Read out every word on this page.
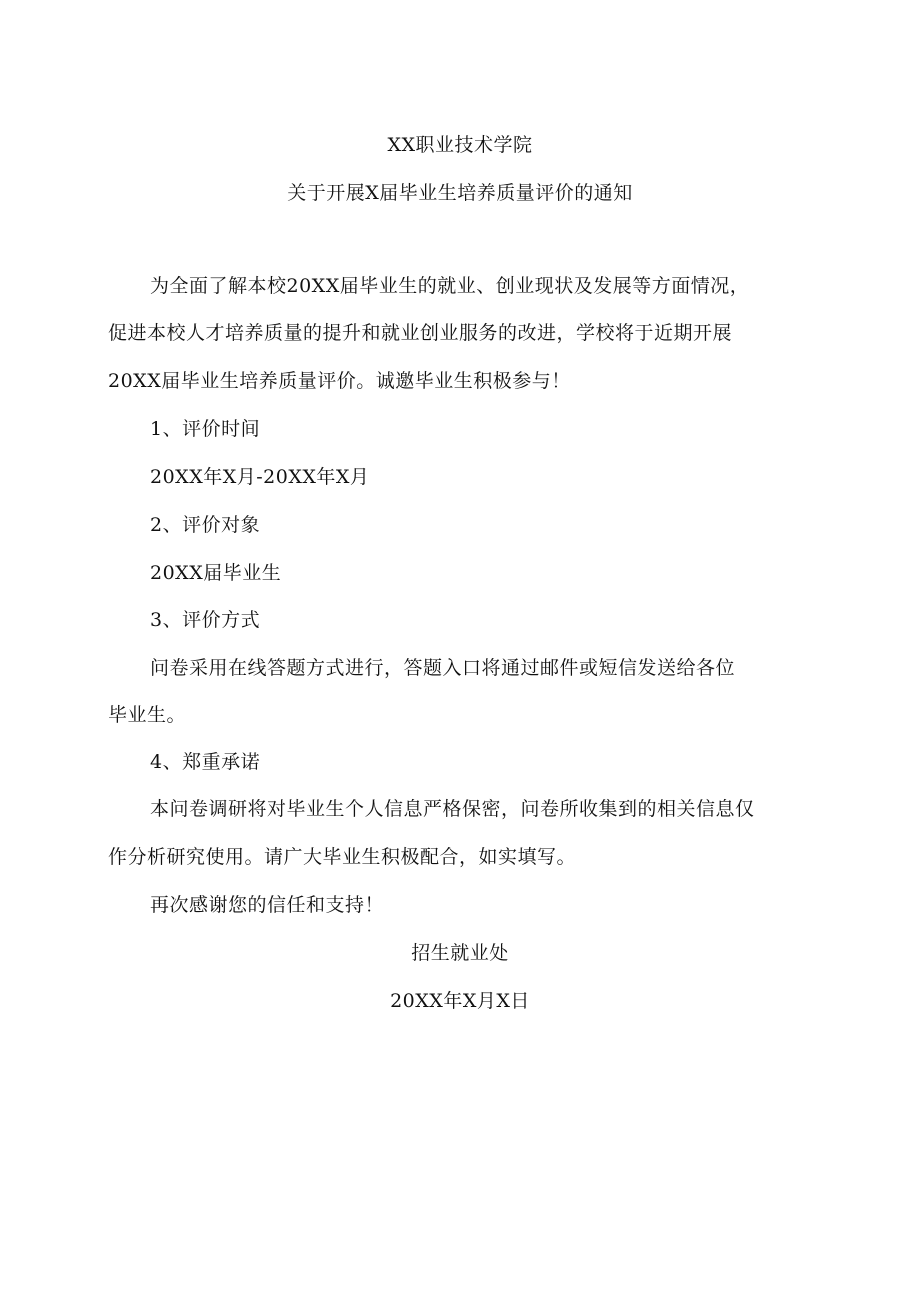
XX职业技术学院

关于开展X届毕业生培养质量评价的通知

为全面了解本校20XX届毕业生的就业、创业现状及发展等方面情况，

促进本校人才培养质量的提升和就业创业服务的改进，学校将于近期开展

20XX届毕业生培养质量评价。诚邀毕业生积极参与！

1、评价时间

20XX年X月-20XX年X月

2、评价对象

20XX届毕业生

3、评价方式

问卷采用在线答题方式进行，答题入口将通过邮件或短信发送给各位

毕业生。

4、郑重承诺

本问卷调研将对毕业生个人信息严格保密，问卷所收集到的相关信息仅

作分析研究使用。请广大毕业生积极配合，如实填写。

再次感谢您的信任和支持！

招生就业处

20XX年X月X日
